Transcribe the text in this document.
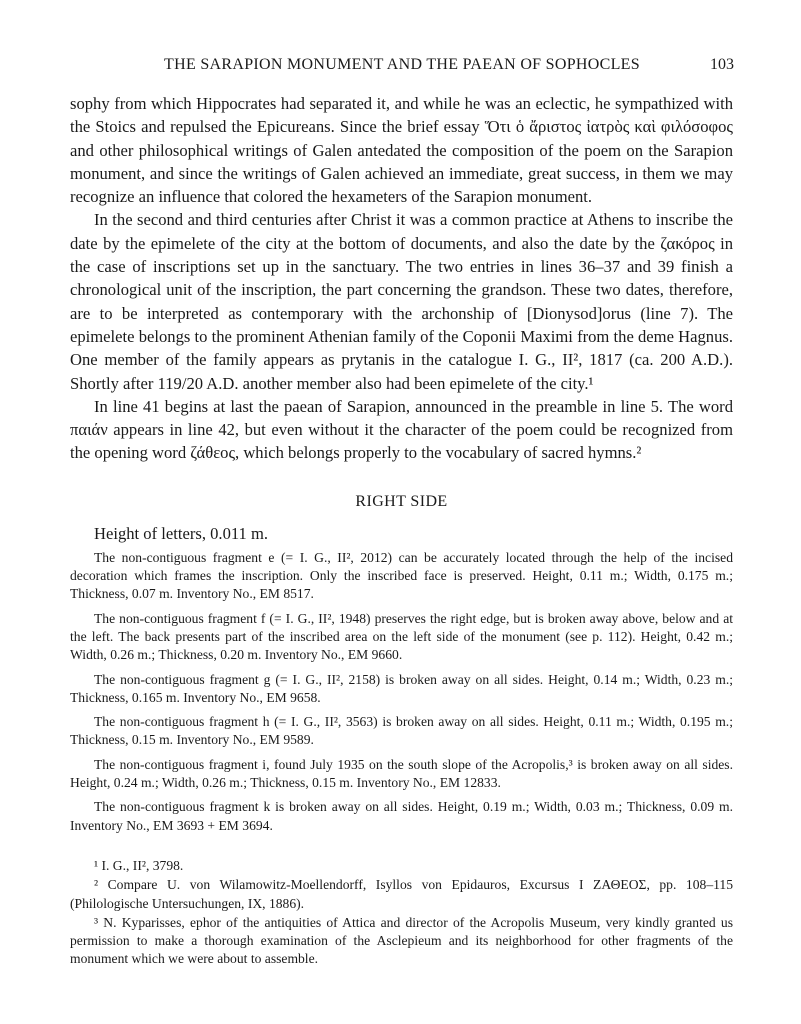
THE SARAPION MONUMENT AND THE PAEAN OF SOPHOCLES	103

sophy from which Hippocrates had separated it, and while he was an eclectic, he sympathized with the Stoics and repulsed the Epicureans. Since the brief essay Ὅτι ὁ ἄριστος ἰατρὸς καὶ φιλόσοφος and other philosophical writings of Galen antedated the composition of the poem on the Sarapion monument, and since the writings of Galen achieved an immediate, great success, in them we may recognize an influence that colored the hexameters of the Sarapion monument.

In the second and third centuries after Christ it was a common practice at Athens to inscribe the date by the epimelete of the city at the bottom of documents, and also the date by the ζακόρος in the case of inscriptions set up in the sanctuary. The two entries in lines 36–37 and 39 finish a chronological unit of the inscription, the part concerning the grandson. These two dates, therefore, are to be interpreted as contemporary with the archonship of [Dionysod]orus (line 7). The epimelete belongs to the prominent Athenian family of the Coponii Maximi from the deme Hagnus. One member of the family appears as prytanis in the catalogue I. G., II², 1817 (ca. 200 A.D.). Shortly after 119/20 A.D. another member also had been epimelete of the city.¹

In line 41 begins at last the paean of Sarapion, announced in the preamble in line 5. The word παιάν appears in line 42, but even without it the character of the poem could be recognized from the opening word ζάθεος, which belongs properly to the vocabulary of sacred hymns.²

RIGHT SIDE
Height of letters, 0.011 m.

The non-contiguous fragment e (= I. G., II², 2012) can be accurately located through the help of the incised decoration which frames the inscription. Only the inscribed face is preserved. Height, 0.11 m.; Width, 0.175 m.; Thickness, 0.07 m. Inventory No., EM 8517.

The non-contiguous fragment f (= I. G., II², 1948) preserves the right edge, but is broken away above, below and at the left. The back presents part of the inscribed area on the left side of the monument (see p. 112). Height, 0.42 m.; Width, 0.26 m.; Thickness, 0.20 m. Inventory No., EM 9660.

The non-contiguous fragment g (= I. G., II², 2158) is broken away on all sides. Height, 0.14 m.; Width, 0.23 m.; Thickness, 0.165 m. Inventory No., EM 9658.

The non-contiguous fragment h (= I. G., II², 3563) is broken away on all sides. Height, 0.11 m.; Width, 0.195 m.; Thickness, 0.15 m. Inventory No., EM 9589.

The non-contiguous fragment i, found July 1935 on the south slope of the Acropolis,³ is broken away on all sides. Height, 0.24 m.; Width, 0.26 m.; Thickness, 0.15 m. Inventory No., EM 12833.

The non-contiguous fragment k is broken away on all sides. Height, 0.19 m.; Width, 0.03 m.; Thickness, 0.09 m. Inventory No., EM 3693 + EM 3694.

¹ I. G., II², 3798.

² Compare U. von Wilamowitz-Moellendorff, Isyllos von Epidauros, Excursus I ΖΑΘΕΟΣ, pp. 108–115 (Philologische Untersuchungen, IX, 1886).

³ N. Kyparisses, ephor of the antiquities of Attica and director of the Acropolis Museum, very kindly granted us permission to make a thorough examination of the Asclepieum and its neighborhood for other fragments of the monument which we were about to assemble.
